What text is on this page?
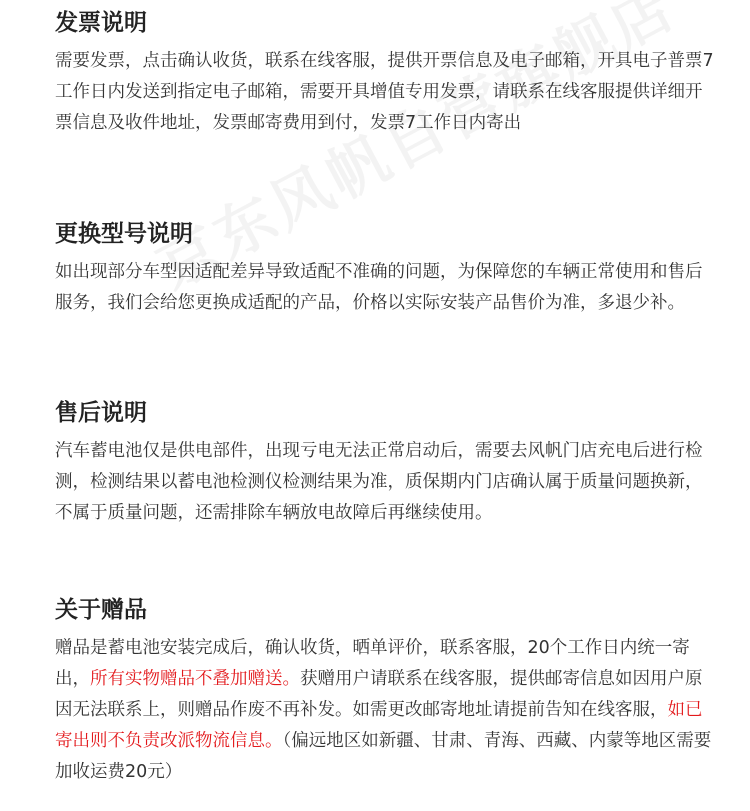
发票说明

需要发票，点击确认收货，联系在线客服，提供开票信息及电子邮箱，开具电子普票7工作日内发送到指定电子邮箱，需要开具增值专用发票，请联系在线客服提供详细开票信息及收件地址，发票邮寄费用到付，发票7工作日内寄出

更换型号说明

如出现部分车型因适配差异导致适配不准确的问题，为保障您的车辆正常使用和售后服务，我们会给您更换成适配的产品，价格以实际安装产品售价为准，多退少补。

售后说明

汽车蓄电池仅是供电部件，出现亏电无法正常启动后，需要去风帆门店充电后进行检测，检测结果以蓄电池检测仪检测结果为准，质保期内门店确认属于质量问题换新，不属于质量问题，还需排除车辆放电故障后再继续使用。

关于赠品

赠品是蓄电池安装完成后，确认收货，晒单评价，联系客服，20个工作日内统一寄出，所有实物赠品不叠加赠送。获赠用户请联系在线客服，提供邮寄信息如因用户原因无法联系上，则赠品作废不再补发。如需更改邮寄地址请提前告知在线客服，如已寄出则不负责改派物流信息。（偏远地区如新疆、甘肃、青海、西藏、内蒙等地区需要加收运费20元）
